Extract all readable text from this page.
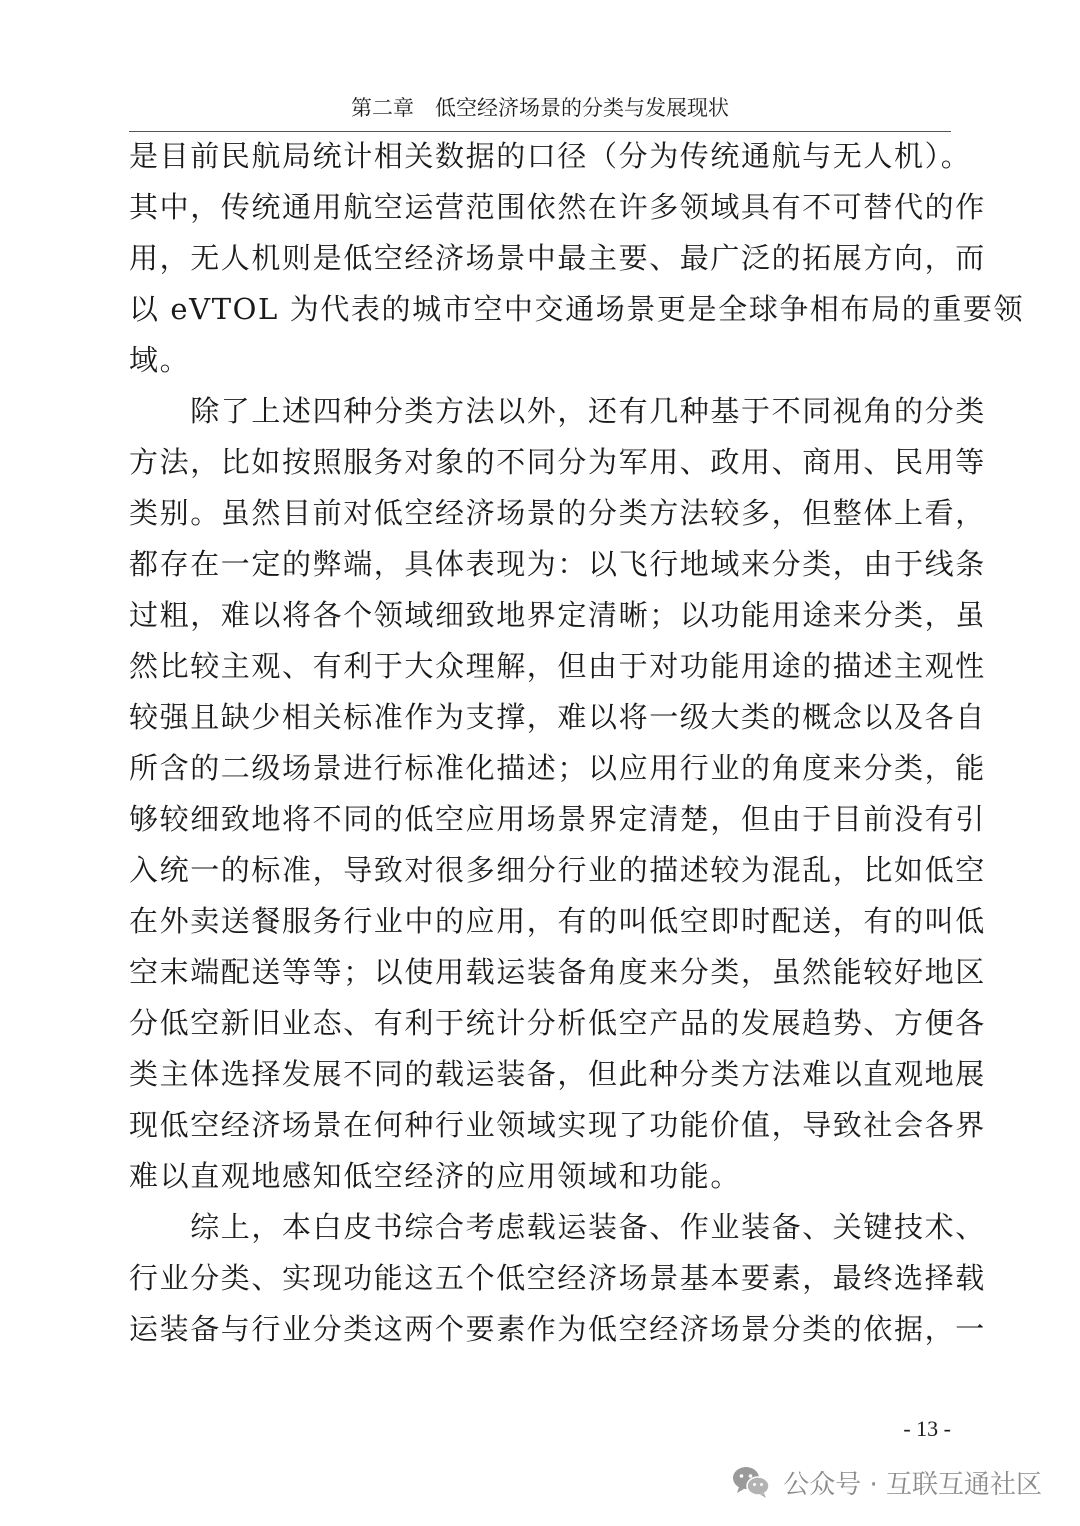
第二章　低空经济场景的分类与发展现状
是目前民航局统计相关数据的口径（分为传统通航与无人机）。
其中，传统通用航空运营范围依然在许多领域具有不可替代的作
用，无人机则是低空经济场景中最主要、最广泛的拓展方向，而
以 eVTOL 为代表的城市空中交通场景更是全球争相布局的重要领
域。
　　除了上述四种分类方法以外，还有几种基于不同视角的分类
方法，比如按照服务对象的不同分为军用、政用、商用、民用等
类别。虽然目前对低空经济场景的分类方法较多，但整体上看，
都存在一定的弊端，具体表现为：以飞行地域来分类，由于线条
过粗，难以将各个领域细致地界定清晰；以功能用途来分类，虽
然比较主观、有利于大众理解，但由于对功能用途的描述主观性
较强且缺少相关标准作为支撑，难以将一级大类的概念以及各自
所含的二级场景进行标准化描述；以应用行业的角度来分类，能
够较细致地将不同的低空应用场景界定清楚，但由于目前没有引
入统一的标准，导致对很多细分行业的描述较为混乱，比如低空
在外卖送餐服务行业中的应用，有的叫低空即时配送，有的叫低
空末端配送等等；以使用载运装备角度来分类，虽然能较好地区
分低空新旧业态、有利于统计分析低空产品的发展趋势、方便各
类主体选择发展不同的载运装备，但此种分类方法难以直观地展
现低空经济场景在何种行业领域实现了功能价值，导致社会各界
难以直观地感知低空经济的应用领域和功能。
　　综上，本白皮书综合考虑载运装备、作业装备、关键技术、
行业分类、实现功能这五个低空经济场景基本要素，最终选择载
运装备与行业分类这两个要素作为低空经济场景分类的依据，一
- 13 -
公众号 · 互联互通社区
